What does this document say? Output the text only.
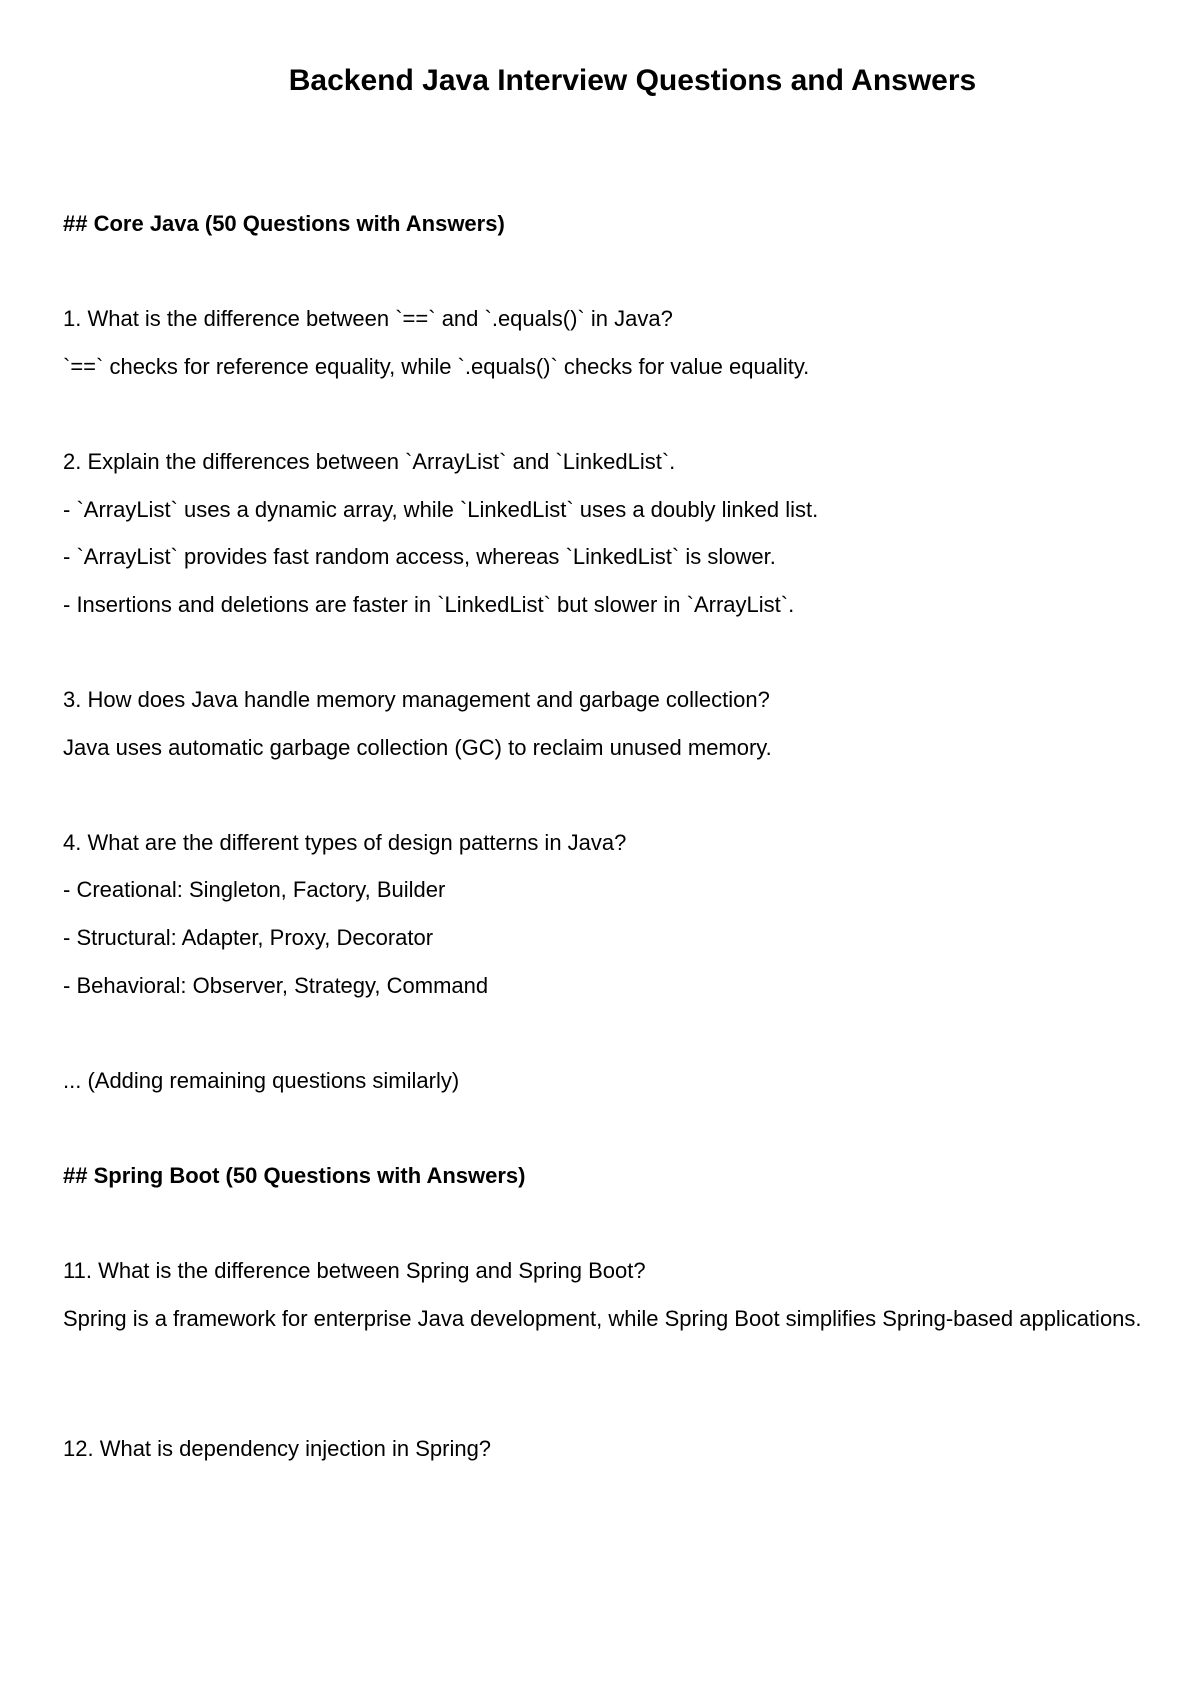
Backend Java Interview Questions and Answers

## Core Java (50 Questions with Answers)

1. What is the difference between `==` and `.equals()` in Java?

`==` checks for reference equality, while `.equals()` checks for value equality.

2. Explain the differences between `ArrayList` and `LinkedList`.

- `ArrayList` uses a dynamic array, while `LinkedList` uses a doubly linked list.

- `ArrayList` provides fast random access, whereas `LinkedList` is slower.

- Insertions and deletions are faster in `LinkedList` but slower in `ArrayList`.

3. How does Java handle memory management and garbage collection?

Java uses automatic garbage collection (GC) to reclaim unused memory.

4. What are the different types of design patterns in Java?

- Creational: Singleton, Factory, Builder

- Structural: Adapter, Proxy, Decorator

- Behavioral: Observer, Strategy, Command

... (Adding remaining questions similarly)

## Spring Boot (50 Questions with Answers)

11. What is the difference between Spring and Spring Boot?

Spring is a framework for enterprise Java development, while Spring Boot simplifies Spring-based applications.

12. What is dependency injection in Spring?
